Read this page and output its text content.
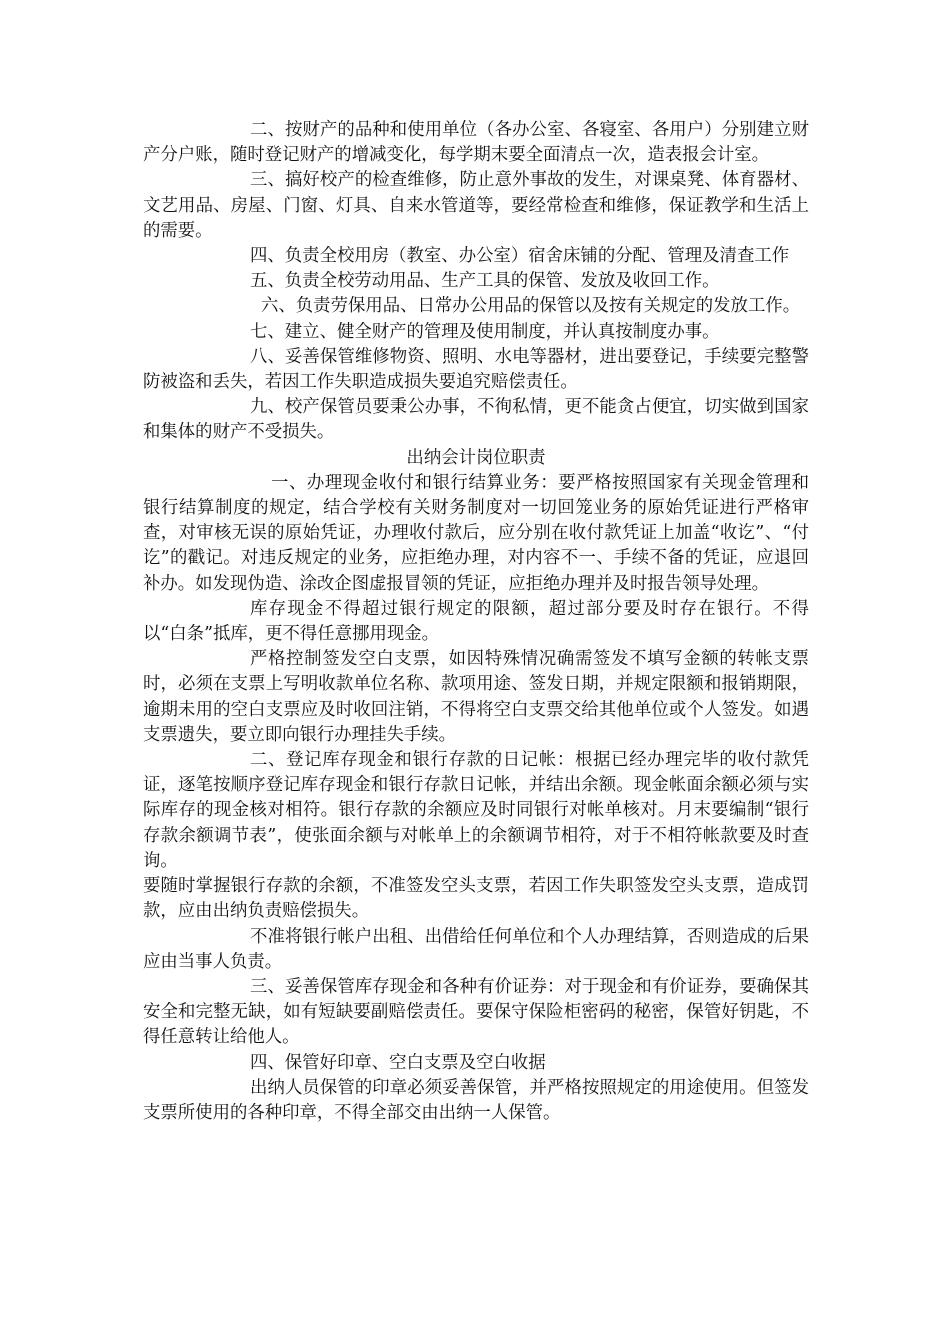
二、按财产的品种和使用单位（各办公室、各寝室、各用户）分别建立财产分户账，随时登记财产的增减变化，每学期末要全面清点一次，造表报会计室。

三、搞好校产的检查维修，防止意外事故的发生，对课桌凳、体育器材、文艺用品、房屋、门窗、灯具、自来水管道等，要经常检查和维修，保证教学和生活上的需要。

四、负责全校用房（教室、办公室）宿舍床铺的分配、管理及清查工作

五、负责全校劳动用品、生产工具的保管、发放及收回工作。

六、负责劳保用品、日常办公用品的保管以及按有关规定的发放工作。

七、建立、健全财产的管理及使用制度，并认真按制度办事。

八、妥善保管维修物资、照明、水电等器材，进出要登记，手续要完整警防被盗和丢失，若因工作失职造成损失要追究赔偿责任。

九、校产保管员要秉公办事，不徇私情，更不能贪占便宜，切实做到国家和集体的财产不受损失。

出纳会计岗位职责

一、办理现金收付和银行结算业务：要严格按照国家有关现金管理和银行结算制度的规定，结合学校有关财务制度对一切回笼业务的原始凭证进行严格审查，对审核无误的原始凭证，办理收付款后，应分别在收付款凭证上加盖“收讫”、“付讫”的戳记。对违反规定的业务，应拒绝办理，对内容不一、手续不备的凭证，应退回补办。如发现伪造、涂改企图虚报冒领的凭证，应拒绝办理并及时报告领导处理。

库存现金不得超过银行规定的限额，超过部分要及时存在银行。不得以“白条”抵库，更不得任意挪用现金。

严格控制签发空白支票，如因特殊情况确需签发不填写金额的转帐支票时，必须在支票上写明收款单位名称、款项用途、签发日期，并规定限额和报销期限，逾期未用的空白支票应及时收回注销，不得将空白支票交给其他单位或个人签发。如遇支票遗失，要立即向银行办理挂失手续。

二、登记库存现金和银行存款的日记帐：根据已经办理完毕的收付款凭证，逐笔按顺序登记库存现金和银行存款日记帐，并结出余额。现金帐面余额必须与实际库存的现金核对相符。银行存款的余额应及时同银行对帐单核对。月末要编制“银行存款余额调节表”，使张面余额与对帐单上的余额调节相符，对于不相符帐款要及时查询。

要随时掌握银行存款的余额，不准签发空头支票，若因工作失职签发空头支票，造成罚款，应由出纳负责赔偿损失。

不准将银行帐户出租、出借给任何单位和个人办理结算，否则造成的后果应由当事人负责。

三、妥善保管库存现金和各种有价证券：对于现金和有价证券，要确保其安全和完整无缺，如有短缺要副赔偿责任。要保守保险柜密码的秘密，保管好钥匙，不得任意转让给他人。

四、保管好印章、空白支票及空白收据

出纳人员保管的印章必须妥善保管，并严格按照规定的用途使用。但签发支票所使用的各种印章，不得全部交由出纳一人保管。
